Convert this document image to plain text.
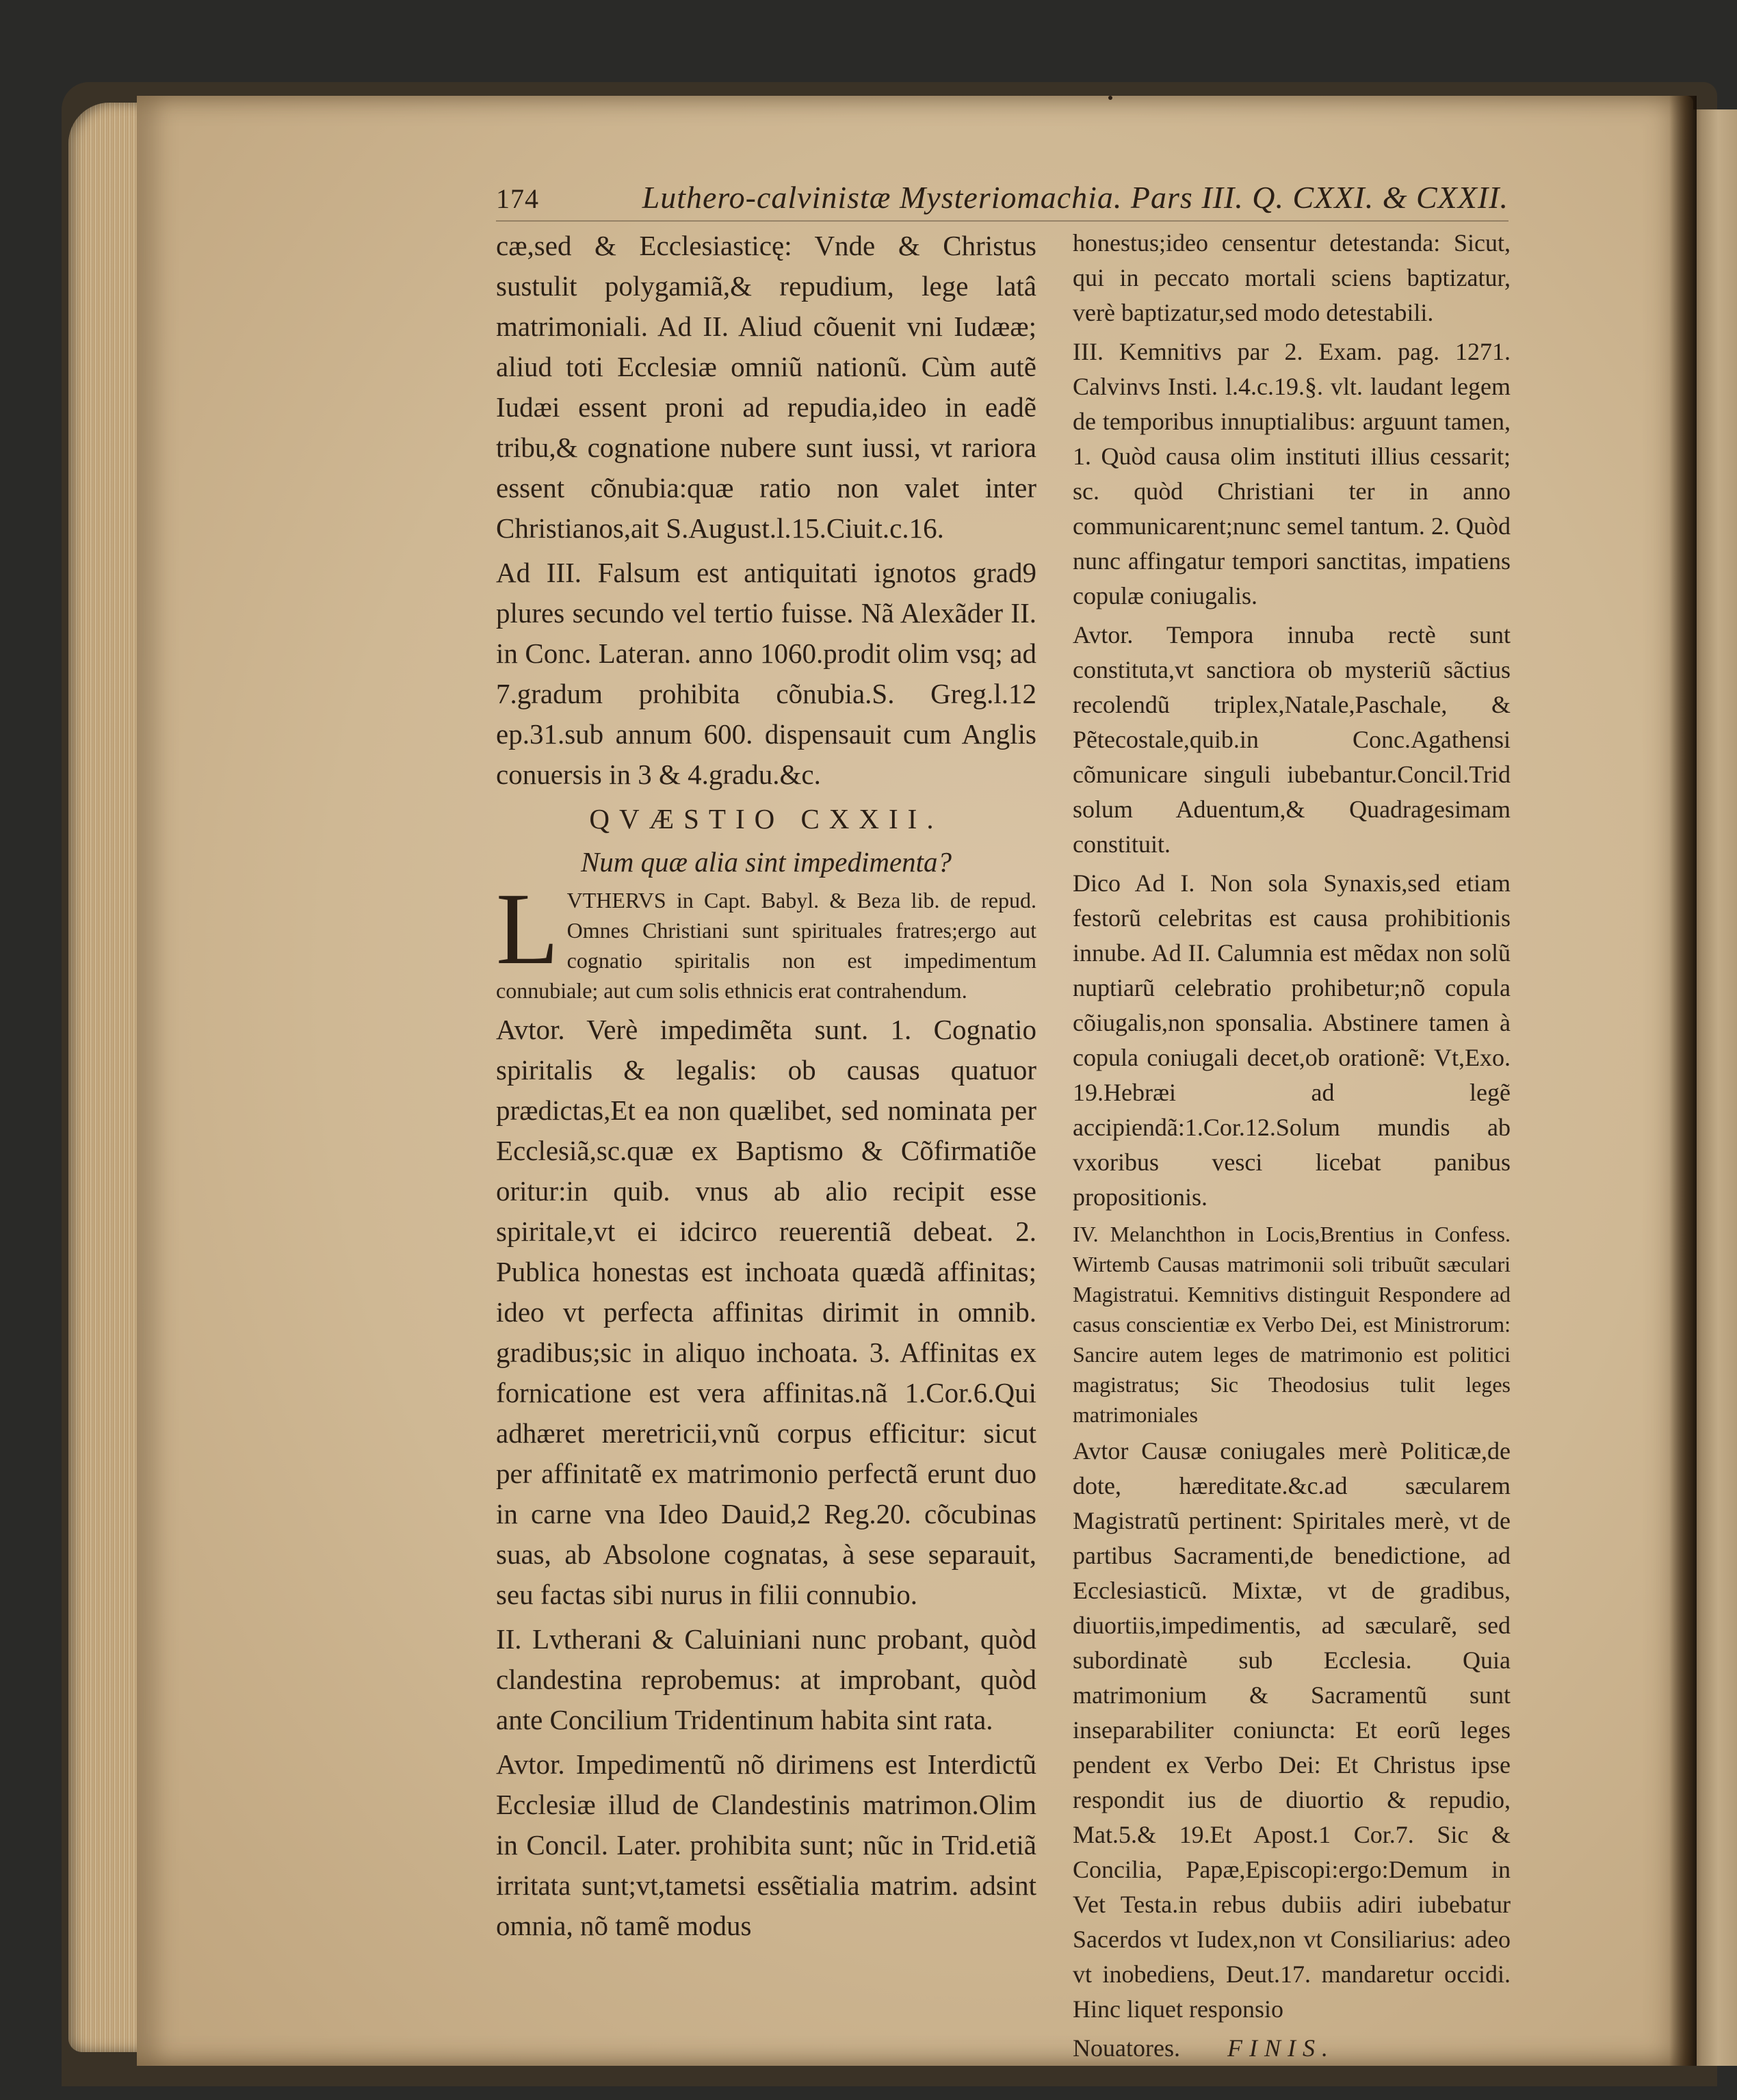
174	Luthero-calvinistæ Mysteriomachia. Pars III. Q. CXXI. & CXXII.

cæ,sed & Ecclesiasticę: Vnde & Christus sustulit polygamiã,& repudium, lege latâ matrimoniali. Ad II. Aliud cõuenit vni Iudææ; aliud toti Ecclesiæ omniũ nationũ. Cùm autẽ Iudæi essent proni ad repudia,ideo in eadẽ tribu,& cognatione nubere sunt iussi, vt rariora essent cõnubia:quæ ratio non valet inter Christianos,ait S.August.l.15.Ciuit.c.16.

Ad III. Falsum est antiquitati ignotos grad9 plures secundo vel tertio fuisse. Nã Alexãder II. in Conc. Lateran. anno 1060.prodit olim vsq; ad 7.gradum prohibita cõnubia.S. Greg.l.12 ep.31.sub annum 600. dispensauit cum Anglis conuersis in 3 & 4.gradu.&c.

QVÆSTIO CXXII.

Num quæ alia sint impedimenta?

L VTHERVS in Capt. Babyl. & Beza lib. de repud. Omnes Christiani sunt spirituales fratres;ergo aut cognatio spiritalis non est impedimentum connubiale; aut cum solis ethnicis erat contrahendum.

Avtor. Verè impedimẽta sunt. 1. Cognatio spiritalis & legalis: ob causas quatuor prædictas,Et ea non quælibet, sed nominata per Ecclesiã,sc.quæ ex Baptismo & Cõfirmatiõe oritur:in quib. vnus ab alio recipit esse spiritale,vt ei idcirco reuerentiã debeat. 2. Publica honestas est inchoata quædã affinitas; ideo vt perfecta affinitas dirimit in omnib. gradibus;sic in aliquo inchoata. 3. Affinitas ex fornicatione est vera affinitas.nã 1.Cor.6.Qui adhæret meretricii,vnũ corpus efficitur: sicut per affinitatẽ ex matrimonio perfectã erunt duo in carne vna Ideo Dauid,2 Reg.20. cõcubinas suas, ab Absolone cognatas, à sese separauit, seu factas sibi nurus in filii connubio.

II. Lvtherani & Caluiniani nunc probant, quòd clandestina reprobemus: at improbant, quòd ante Concilium Tridentinum habita sint rata.

Avtor. Impedimentũ nõ dirimens est Interdictũ Ecclesiæ illud de Clandestinis matrimon.Olim in Concil. Later. prohibita sunt; nũc in Trid.etiã irritata sunt;vt,tametsi essẽtialia matrim. adsint omnia, nõ tamẽ modus

honestus;ideo censentur detestanda: Sicut, qui in peccato mortali sciens baptizatur, verè baptizatur,sed modo detestabili.

III. Kemnitivs par 2. Exam. pag. 1271. Calvinvs Insti. l.4.c.19.§. vlt. laudant legem de temporibus innuptialibus: arguunt tamen, 1. Quòd causa olim instituti illius cessarit; sc. quòd Christiani ter in anno communicarent;nunc semel tantum. 2. Quòd nunc affingatur tempori sanctitas, impatiens copulæ coniugalis.

Avtor. Tempora innuba rectè sunt constituta,vt sanctiora ob mysteriũ sãctius recolendũ triplex,Natale,Paschale, & Pẽtecostale,quib.in Conc.Agathensi cõmunicare singuli iubebantur.Concil.Trid solum Aduentum,& Quadragesimam constituit.

Dico Ad I. Non sola Synaxis,sed etiam festorũ celebritas est causa prohibitionis innube. Ad II. Calumnia est mẽdax non solũ nuptiarũ celebratio prohibetur;nõ copula cõiugalis,non sponsalia. Abstinere tamen à copula coniugali decet,ob orationẽ: Vt,Exo. 19.Hebræi ad legẽ accipiendã:1.Cor.12.Solum mundis ab vxoribus vesci licebat panibus propositionis.

IV. Melanchthon in Locis,Brentius in Confess. Wirtemb Causas matrimonii soli tribuũt sæculari Magistratui. Kemnitivs distinguit Respondere ad casus conscientiæ ex Verbo Dei, est Ministrorum: Sancire autem leges de matrimonio est politici magistratus; Sic Theodosius tulit leges matrimoniales

Avtor Causæ coniugales merè Politicæ,de dote, hæreditate.&c.ad sæcularem Magistratũ pertinent: Spiritales merè, vt de partibus Sacramenti,de benedictione, ad Ecclesiasticũ. Mixtæ, vt de gradibus, diuortiis,impedimentis, ad sæcularẽ, sed subordinatè sub Ecclesia. Quia matrimonium & Sacramentũ sunt inseparabiliter coniuncta: Et eorũ leges pendent ex Verbo Dei: Et Christus ipse respondit ius de diuortio & repudio, Mat.5.& 19.Et Apost.1 Cor.7. Sic & Concilia, Papæ,Episcopi:ergo:Demum in Vet Testa.in rebus dubiis adiri iubebatur Sacerdos vt Iudex,non vt Consiliarius: adeo vt inobediens, Deut.17. mandaretur occidi. Hinc liquet responsio

Nouatores. FINIS.
